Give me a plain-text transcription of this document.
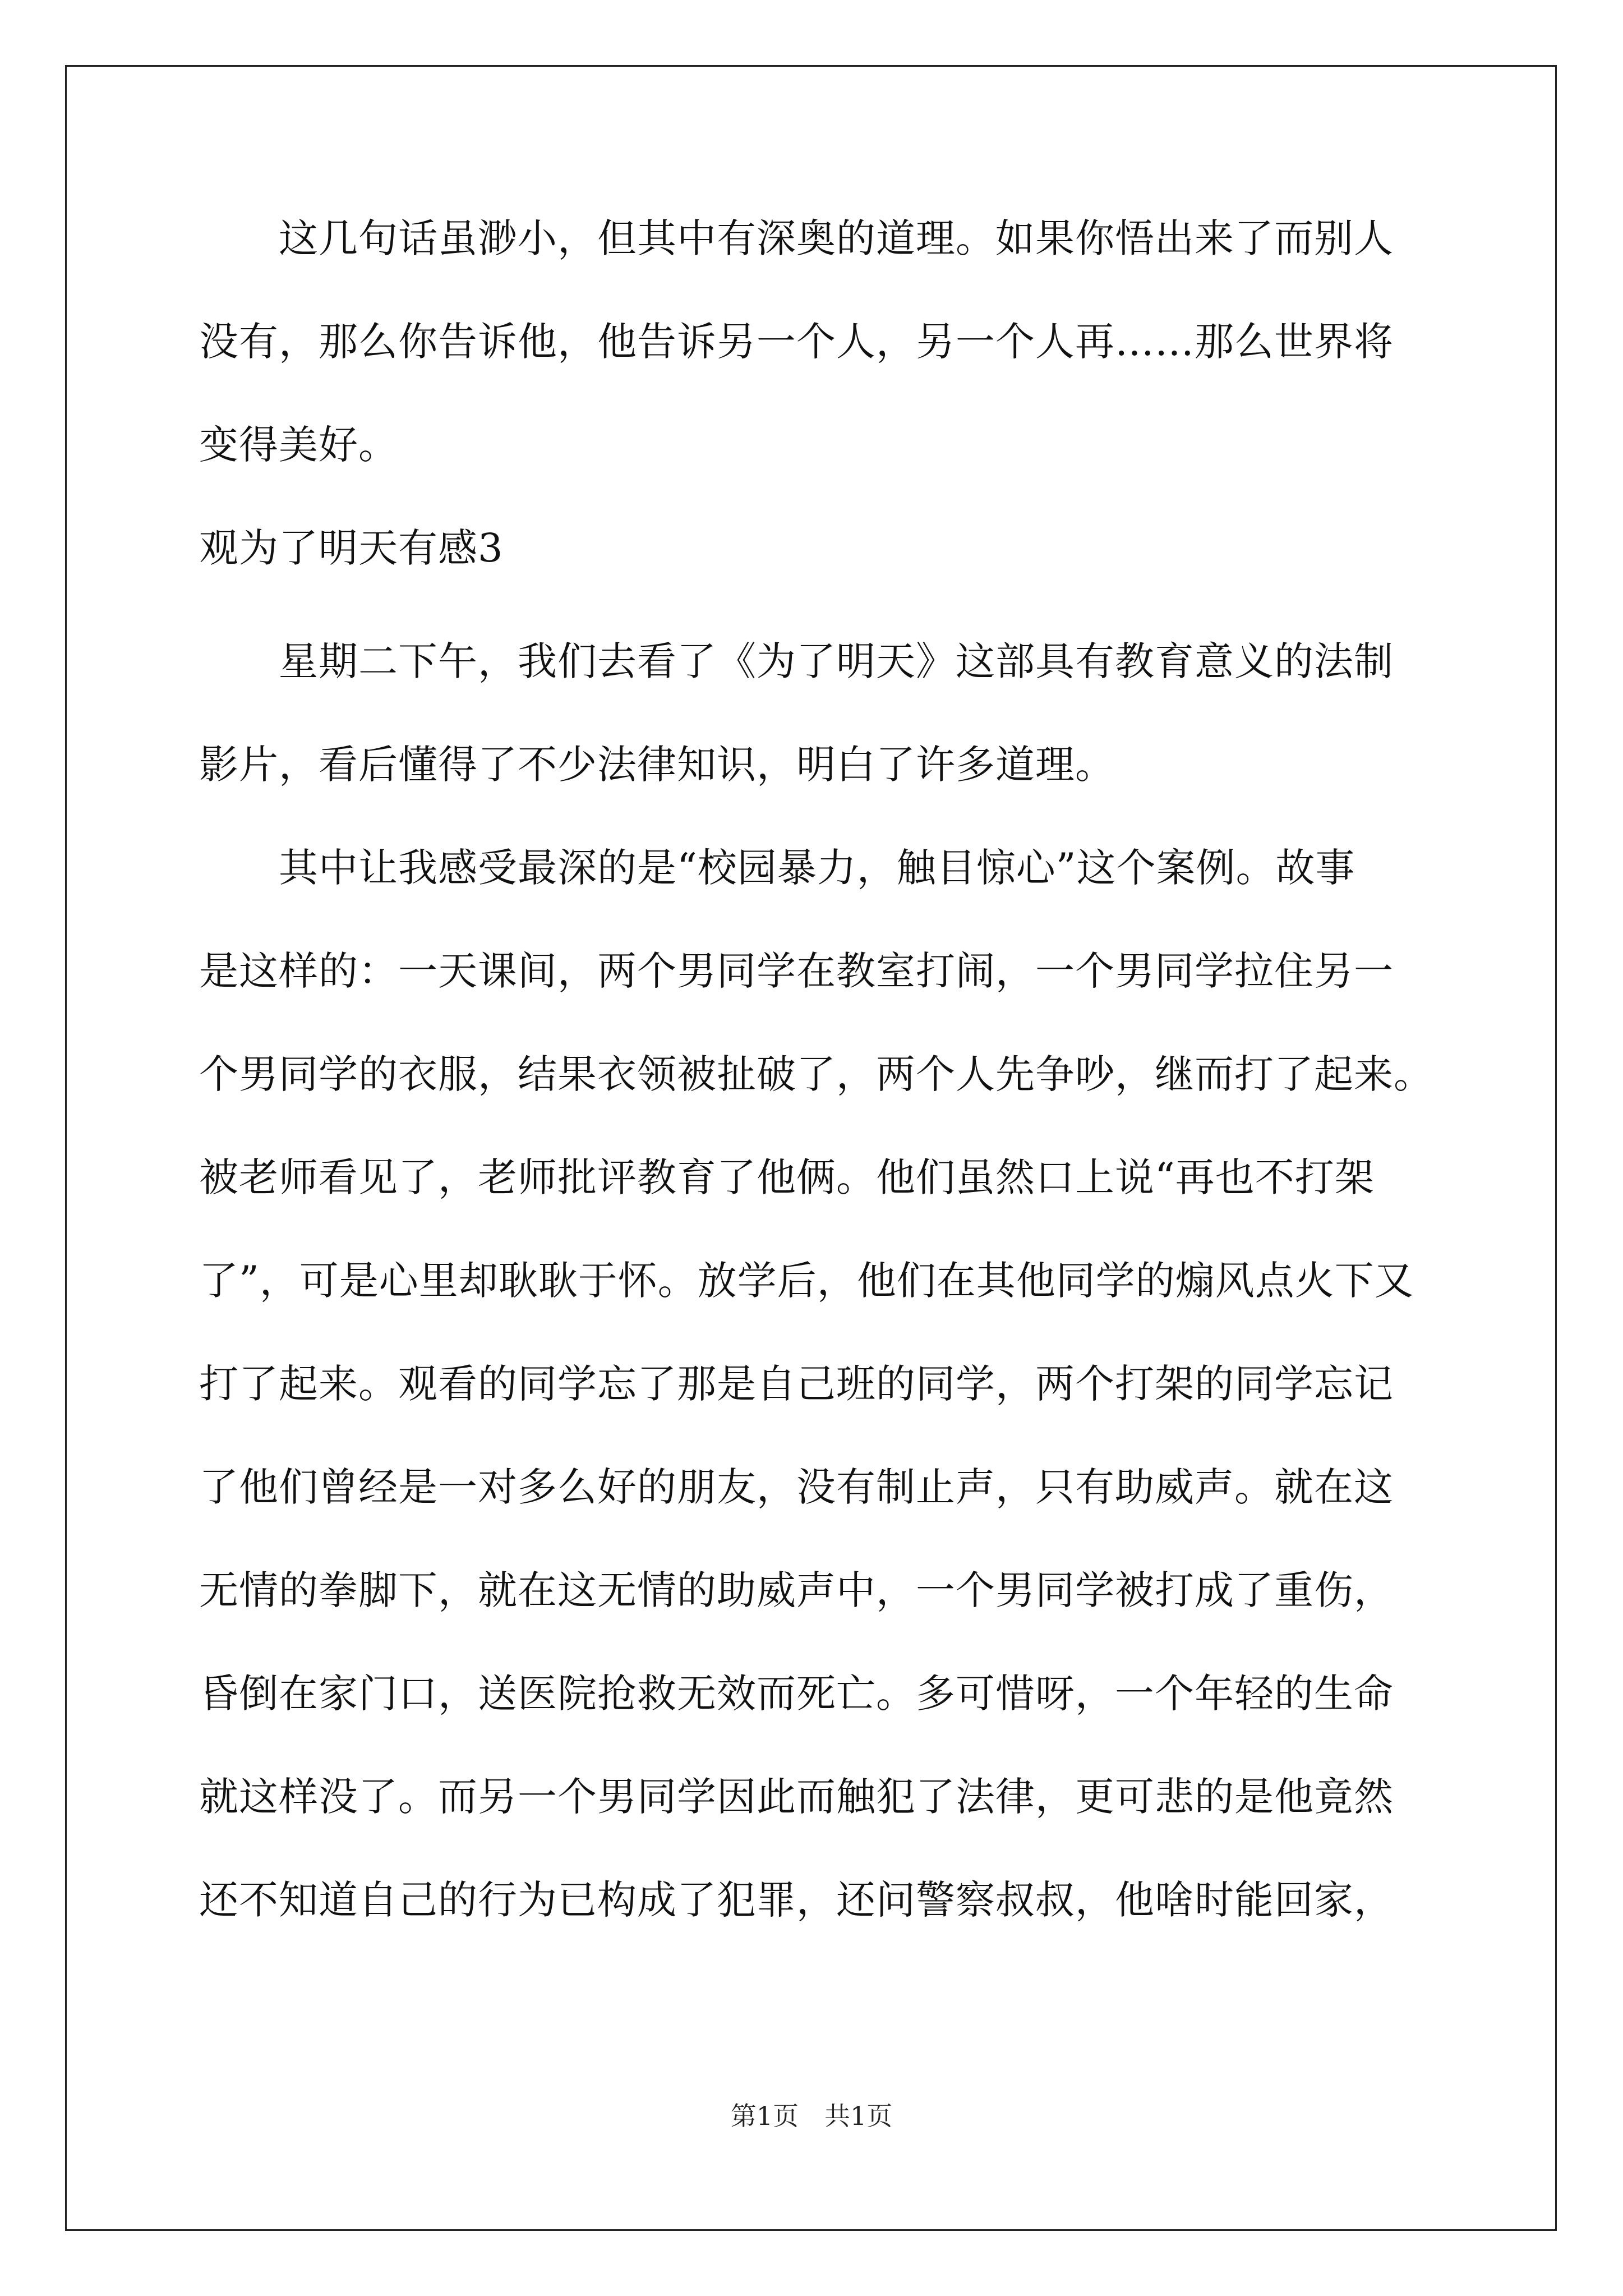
　　这几句话虽渺小，但其中有深奥的道理。如果你悟出来了而别人
没有，那么你告诉他，他告诉另一个人，另一个人再……那么世界将
变得美好。
观为了明天有感3
　　星期二下午，我们去看了《为了明天》这部具有教育意义的法制
影片，看后懂得了不少法律知识，明白了许多道理。
　　其中让我感受最深的是“校园暴力，触目惊心”这个案例。故事
是这样的：一天课间，两个男同学在教室打闹，一个男同学拉住另一
个男同学的衣服，结果衣领被扯破了，两个人先争吵，继而打了起来。
被老师看见了，老师批评教育了他俩。他们虽然口上说“再也不打架
了”，可是心里却耿耿于怀。放学后，他们在其他同学的煽风点火下又
打了起来。观看的同学忘了那是自己班的同学，两个打架的同学忘记
了他们曾经是一对多么好的朋友，没有制止声，只有助威声。就在这
无情的拳脚下，就在这无情的助威声中，一个男同学被打成了重伤，
昏倒在家门口，送医院抢救无效而死亡。多可惜呀，一个年轻的生命
就这样没了。而另一个男同学因此而触犯了法律，更可悲的是他竟然
还不知道自己的行为已构成了犯罪，还问警察叔叔，他啥时能回家，
第1页　共1页
